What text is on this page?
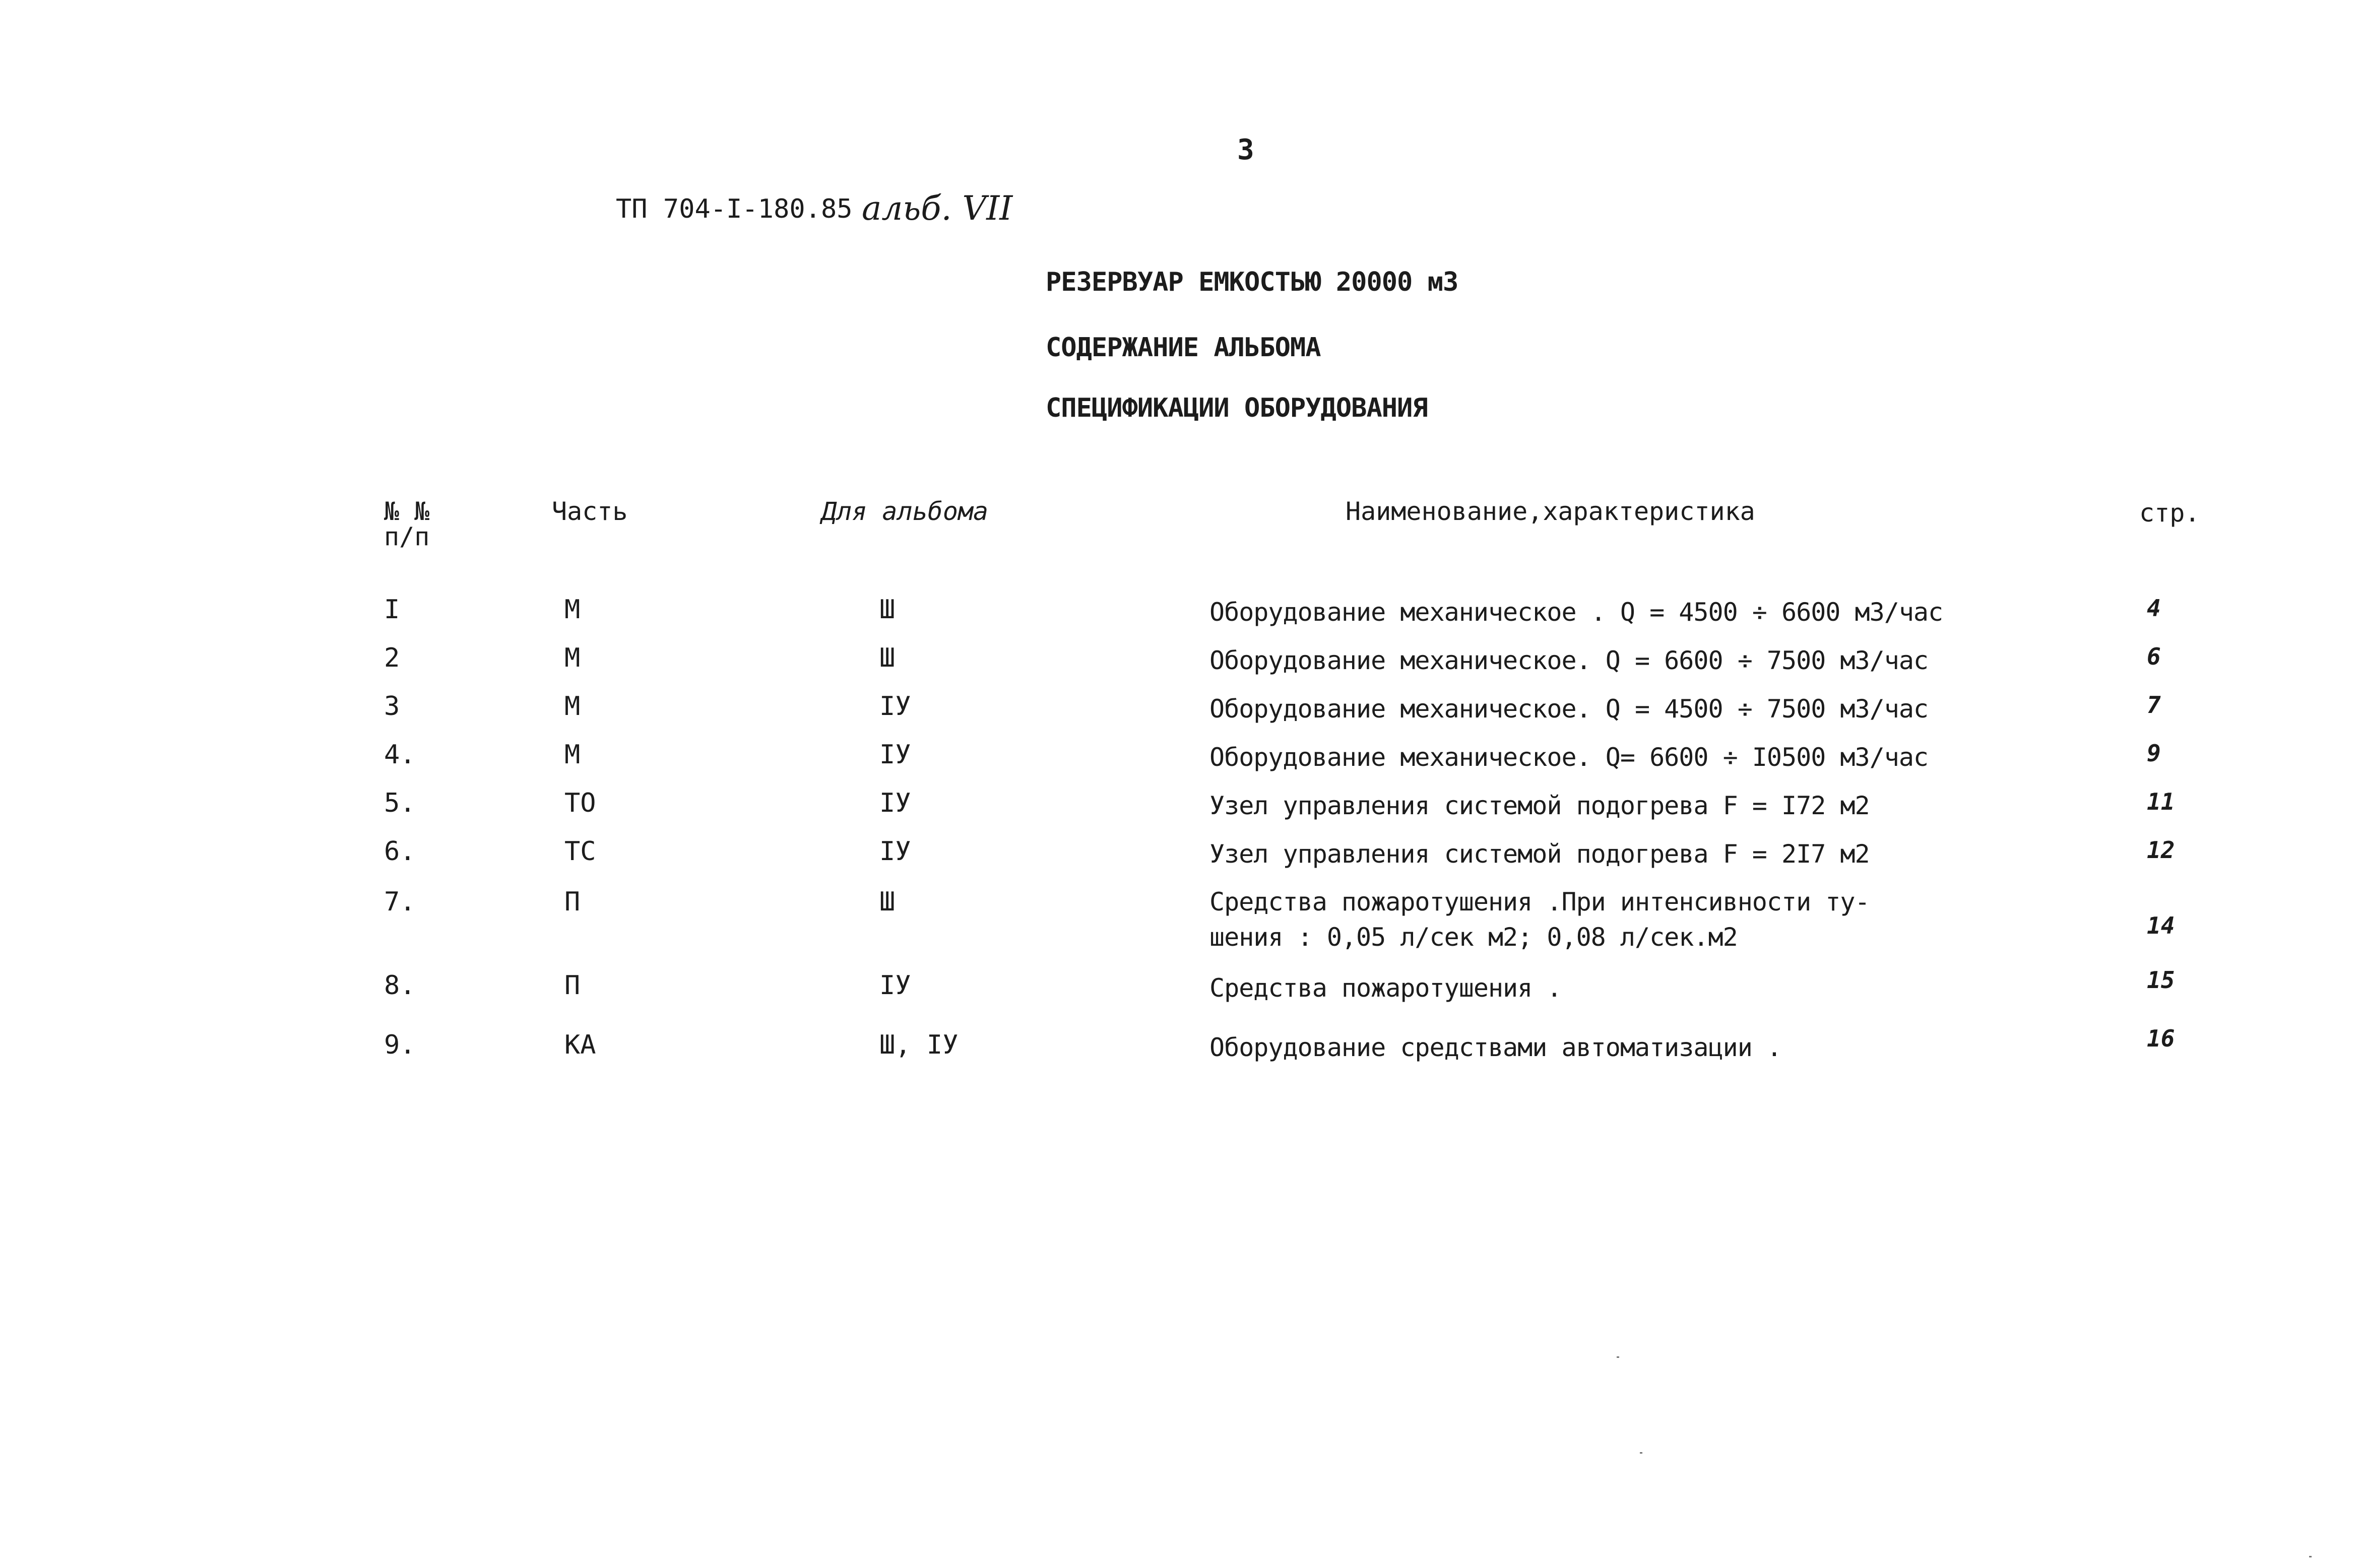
3
ТП 704-I-180.85 альб. VII
РЕЗЕРВУАР ЕМКОСТЬЮ 20000 м3
СОДЕРЖАНИЕ АЛЬБОМА
СПЕЦИФИКАЦИИ ОБОРУДОВАНИЯ
№ №
п/п
Часть	Для альбома	Наименование,характеристика	стр.
I	М	Ш	Оборудование механическое . Q = 4500 ÷ 6600 м3/час	4
2	М	Ш	Оборудование механическое. Q = 6600 ÷ 7500 м3/час	6
3	М	IУ	Оборудование механическое. Q = 4500 ÷ 7500 м3/час	7
4.	М	IУ	Оборудование механическое. Q= 6600 ÷ I0500 м3/час	9
5.	ТО	IУ	Узел управления системой подогрева F = I72 м2	11
6.	ТС	IУ	Узел управления системой подогрева F = 2I7 м2	12
7.	П	Ш	Средства пожаротушения .При интенсивности ту-
шения : 0,05 л/сек м2; 0,08 л/сек.м2	14
8.	П	IУ	Средства пожаротушения .	15
9.	КА	Ш, IУ	Оборудование средствами автоматизации .	16
